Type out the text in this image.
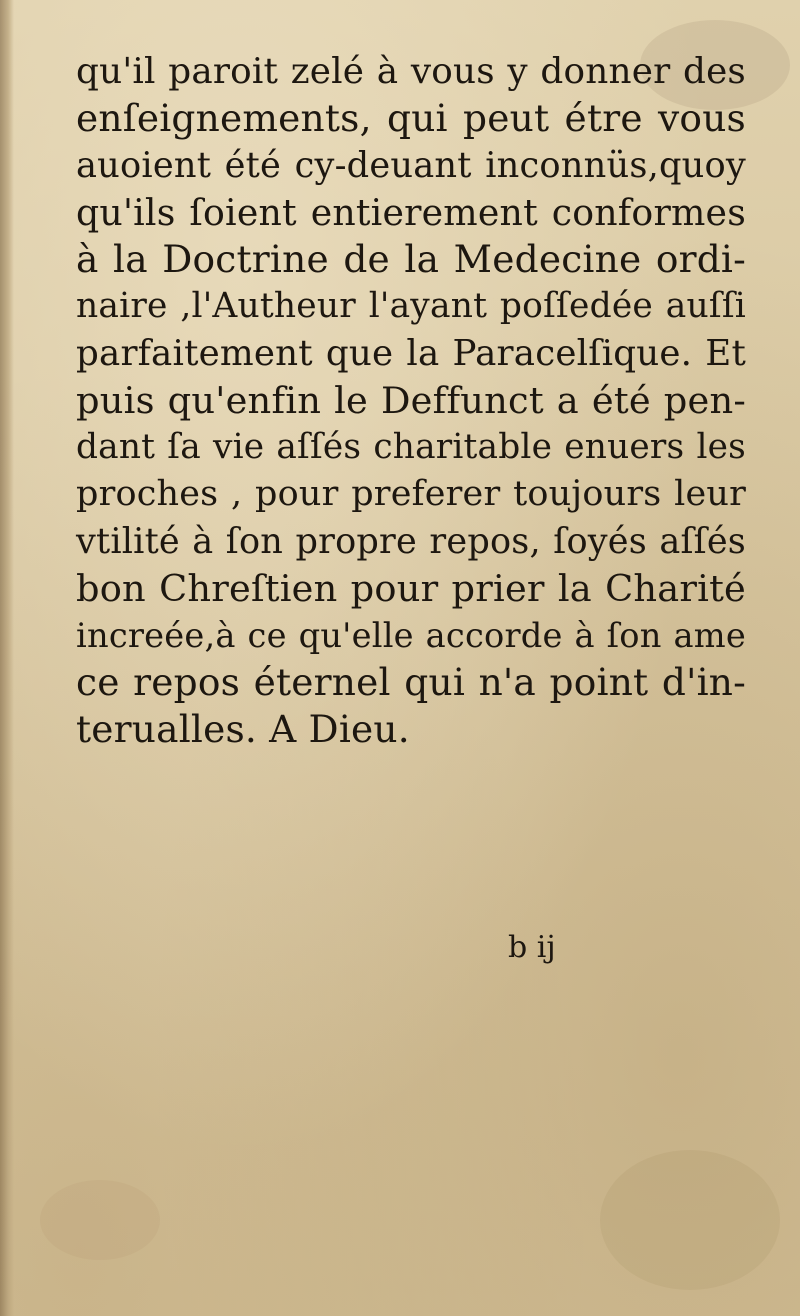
qu'il paroit zelé à vous y donner des
enſeignements, qui peut étre vous
auoient été cy-deuant inconnüs,quoy
qu'ils ſoient entierement conformes
à la Doctrine de la Medecine ordi-
naire ,l'Autheur l'ayant poſſedée auſſi
parfaitement que la Paracelſique. Et
puis qu'enfin le Deffunct a été pen-
dant ſa vie aſſés charitable enuers les
proches , pour preferer toujours leur
vtilité à ſon propre repos, ſoyés aſſés
bon Chreſtien pour prier la Charité
increée,à ce qu'elle accorde à ſon ame
ce repos éternel qui n'a point d'in-
terualles. A Dieu.
b ij
